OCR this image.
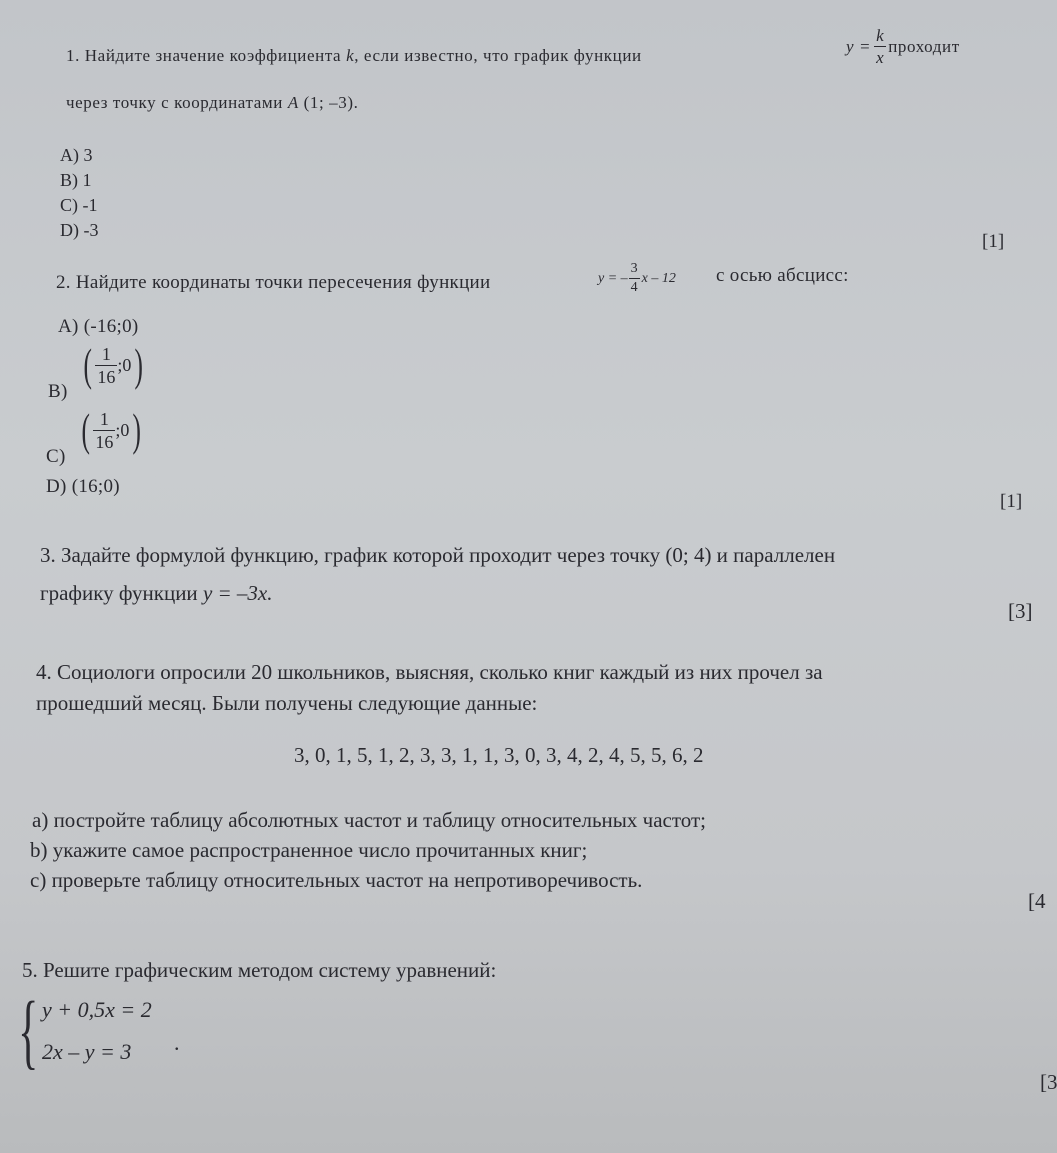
1. Найдите значение коэффициента k, если известно, что график функции	$y = \frac{k}{x}$ проходит
через точку с координатами A (1; –3).
A) 3
B) 1
C) -1
D) -3
[1]
2. Найдите координаты точки пересечения функции	y = – $\frac{3}{4}$ x – 12 с осью абсцисс:
A) (-16;0)
B)
( $\frac{1}{16}$ ;0 )
C)
( $\frac{1}{16}$ ;0 )
D) (16;0)
[1]
3. Задайте формулой функцию, график которой проходит через точку (0; 4) и параллелен
графику функции y = –3x.
[3]
4. Социологи опросили 20 школьников, выясняя, сколько книг каждый из них прочел за
прошедший месяц. Были получены следующие данные:
3, 0, 1, 5, 1, 2, 3, 3, 1, 1, 3, 0, 3, 4, 2, 4, 5, 5, 6, 2
a) постройте таблицу абсолютных частот и таблицу относительных частот;
b) укажите самое распространенное число прочитанных книг;
c) проверьте таблицу относительных частот на непротиворечивость.
[4
5. Решите графическим методом систему уравнений:
{ y + 0,5x = 2
2x – y = 3 .
[3
